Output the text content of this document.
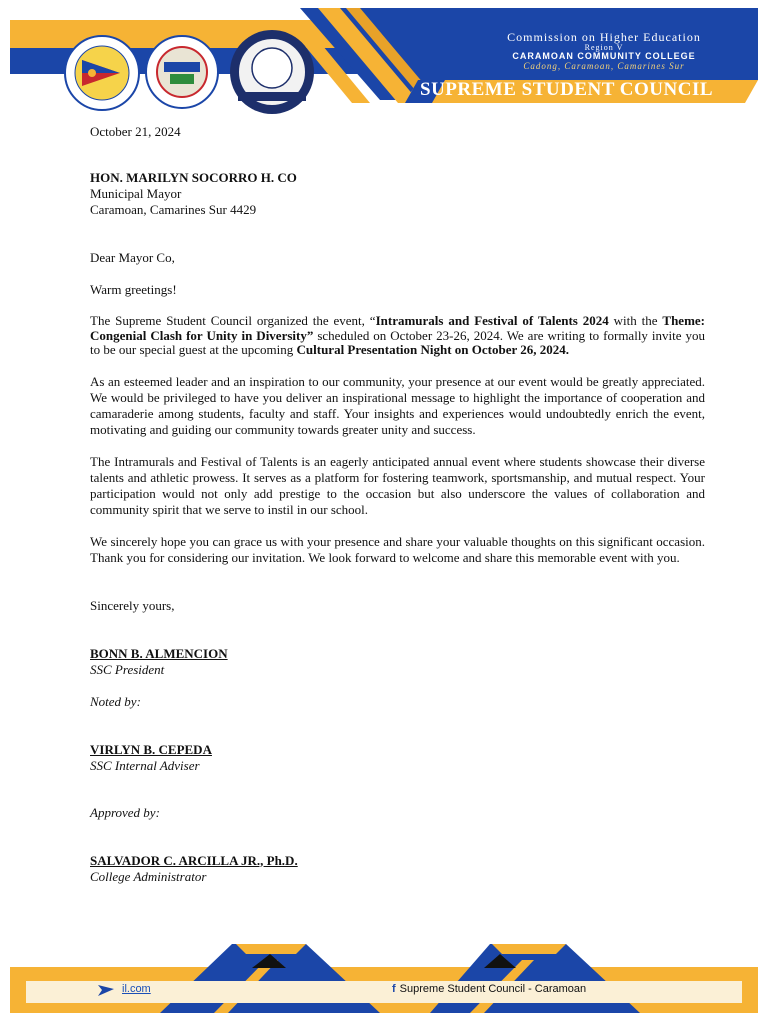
Commission on Higher Education
Region V
CARAMOAN COMMUNITY COLLEGE
Cadong, Caramoan, Camarines Sur
SUPREME STUDENT COUNCIL

October 21, 2024

HON. MARILYN SOCORRO H. CO

Municipal Mayor

Caramoan, Camarines Sur 4429

Dear Mayor Co,

Warm greetings!

The Supreme Student Council organized the event, “Intramurals and Festival of Talents 2024 with the Theme: Congenial Clash for Unity in Diversity” scheduled on October 23-26, 2024. We are writing to formally invite you to be our special guest at the upcoming Cultural Presentation Night on October 26, 2024.

As an esteemed leader and an inspiration to our community, your presence at our event would be greatly appreciated. We would be privileged to have you deliver an inspirational message to highlight the importance of cooperation and camaraderie among students, faculty and staff. Your insights and experiences would undoubtedly enrich the event, motivating and guiding our community towards greater unity and success.

The Intramurals and Festival of Talents is an eagerly anticipated annual event where students showcase their diverse talents and athletic prowess. It serves as a platform for fostering teamwork, sportsmanship, and mutual respect. Your participation would not only add prestige to the occasion but also underscore the values of collaboration and community spirit that we serve to instil in our school.

We sincerely hope you can grace us with your presence and share your valuable thoughts on this significant occasion. Thank you for considering our invitation. We look forward to welcome and share this memorable event with you.

Sincerely yours,

BONN B. ALMENCION

SSC President

Noted by:

VIRLYN B. CEPEDA

SSC Internal Adviser

Approved by:

SALVADOR C. ARCILLA JR., Ph.D.

College Administrator

il.com	f Supreme Student Council - Caramoan
